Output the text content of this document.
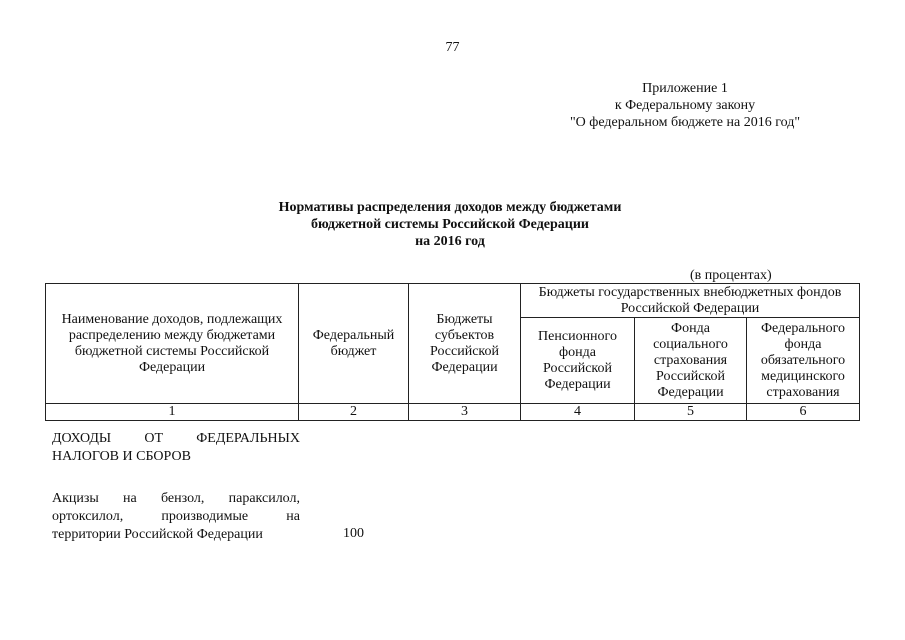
77
Приложение 1
к Федеральному закону
"О федеральном бюджете на 2016 год"
Нормативы распределения доходов между бюджетами
бюджетной системы Российской Федерации
на 2016 год
(в процентах)
Наименование доходов, подлежащих распределению между бюджетами бюджетной системы Российской Федерации	Федеральный бюджет	Бюджеты субъектов Российской Федерации	Бюджеты государственных внебюджетных фондов Российской Федерации		
			Пенсионного фонда Российской Федерации	Фонда социального страхования Российской Федерации	Федерального фонда обязательного медицинского страхования
1	2	3	4	5	6
ДОХОДЫ ОТ ФЕДЕРАЛЬНЫХ НАЛОГОВ И СБОРОВ
Акцизы на бензол, параксилол, ортоксилол, производимые на территории Российской Федерации	100
